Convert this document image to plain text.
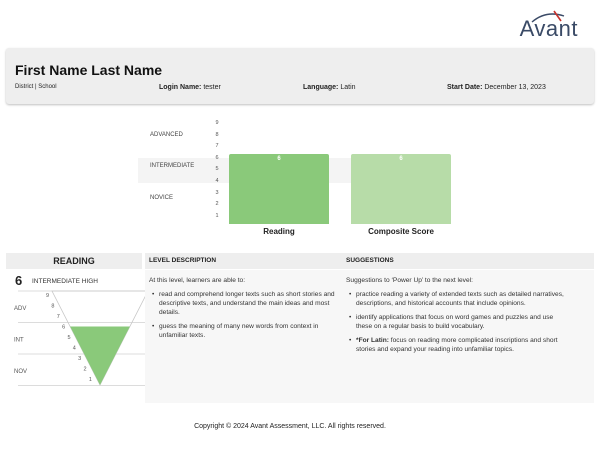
Avant
First Name Last Name
District | School	Login Name: tester	Language: Latin	Start Date: December 13, 2023
ADVANCED
INTERMEDIATE
NOVICE
9
8
7
6
5
4
3
2
1
6
Reading
6
Composite Score
READING	LEVEL DESCRIPTION	SUGGESTIONS
6 INTERMEDIATE HIGH
ADV
INT
NOV
9
8
7
6
5
4
3
2
1
At this level, learners are able to:
• read and comprehend longer texts such as short stories and descriptive texts, and understand the main ideas and most details.
• guess the meaning of many new words from context in unfamiliar texts.
Suggestions to ‘Power Up’ to the next level:
• practice reading a variety of extended texts such as detailed narratives, descriptions, and historical accounts that include opinions.
• identify applications that focus on word games and puzzles and use these on a regular basis to build vocabulary.
• *For Latin: focus on reading more complicated inscriptions and short stories and expand your reading into unfamiliar topics.
Copyright © 2024 Avant Assessment, LLC. All rights reserved.
